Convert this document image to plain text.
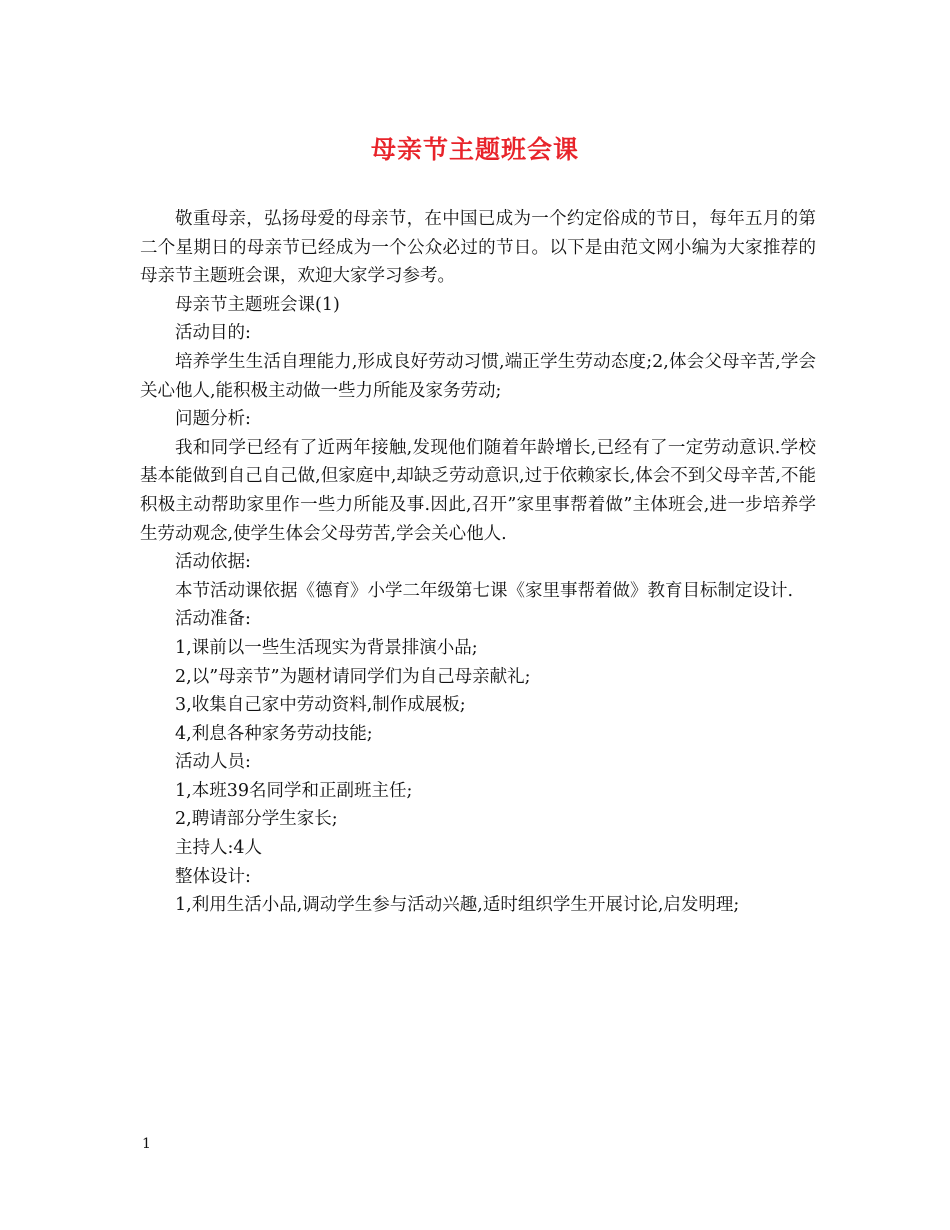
母亲节主题班会课

敬重母亲，弘扬母爱的母亲节，在中国已成为一个约定俗成的节日，每年五月的第二个星期日的母亲节已经成为一个公众必过的节日。以下是由范文网小编为大家推荐的母亲节主题班会课，欢迎大家学习参考。

母亲节主题班会课(1)

活动目的:

培养学生生活自理能力,形成良好劳动习惯,端正学生劳动态度;2,体会父母辛苦,学会关心他人,能积极主动做一些力所能及家务劳动;

问题分析:

我和同学已经有了近两年接触,发现他们随着年龄增长,已经有了一定劳动意识.学校基本能做到自己自己做,但家庭中,却缺乏劳动意识,过于依赖家长,体会不到父母辛苦,不能积极主动帮助家里作一些力所能及事.因此,召开”家里事帮着做”主体班会,进一步培养学生劳动观念,使学生体会父母劳苦,学会关心他人.

活动依据:

本节活动课依据《德育》小学二年级第七课《家里事帮着做》教育目标制定设计.

活动准备:

1,课前以一些生活现实为背景排演小品;

2,以”母亲节”为题材请同学们为自己母亲献礼;

3,收集自己家中劳动资料,制作成展板;

4,利息各种家务劳动技能;

活动人员:

1,本班39名同学和正副班主任;

2,聘请部分学生家长;

主持人:4人

整体设计:

1,利用生活小品,调动学生参与活动兴趣,适时组织学生开展讨论,启发明理;

1
